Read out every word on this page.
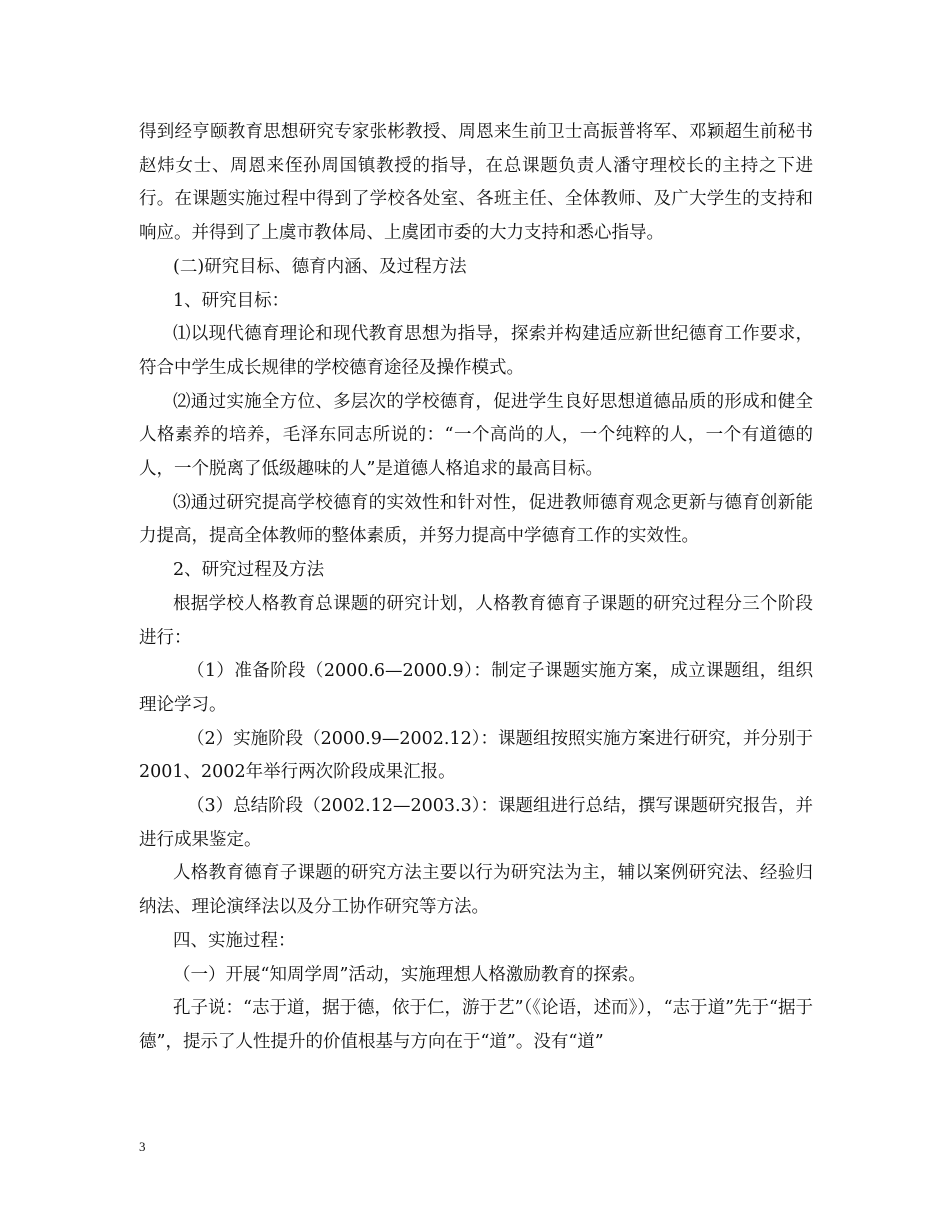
得到经亨颐教育思想研究专家张彬教授、周恩来生前卫士高振普将军、邓颖超生前秘书赵炜女士、周恩来侄孙周国镇教授的指导，在总课题负责人潘守理校长的主持之下进行。在课题实施过程中得到了学校各处室、各班主任、全体教师、及广大学生的支持和响应。并得到了上虞市教体局、上虞团市委的大力支持和悉心指导。

(二)研究目标、德育内涵、及过程方法

1、研究目标：

⑴以现代德育理论和现代教育思想为指导，探索并构建适应新世纪德育工作要求，符合中学生成长规律的学校德育途径及操作模式。

⑵通过实施全方位、多层次的学校德育，促进学生良好思想道德品质的形成和健全人格素养的培养，毛泽东同志所说的：“一个高尚的人，一个纯粹的人，一个有道德的人，一个脱离了低级趣味的人”是道德人格追求的最高目标。

⑶通过研究提高学校德育的实效性和针对性，促进教师德育观念更新与德育创新能力提高，提高全体教师的整体素质，并努力提高中学德育工作的实效性。

2、研究过程及方法

根据学校人格教育总课题的研究计划，人格教育德育子课题的研究过程分三个阶段进行：

（1）准备阶段（2000.6—2000.9）：制定子课题实施方案，成立课题组，组织理论学习。

（2）实施阶段（2000.9—2002.12）：课题组按照实施方案进行研究，并分别于2001、2002年举行两次阶段成果汇报。

（3）总结阶段（2002.12—2003.3）：课题组进行总结，撰写课题研究报告，并进行成果鉴定。

人格教育德育子课题的研究方法主要以行为研究法为主，辅以案例研究法、经验归纳法、理论演绎法以及分工协作研究等方法。

四、实施过程：

（一）开展“知周学周”活动，实施理想人格激励教育的探索。

孔子说：“志于道，据于德，依于仁，游于艺”（《论语，述而》），“志于道”先于“据于德”，提示了人性提升的价值根基与方向在于“道”。没有“道”

3
